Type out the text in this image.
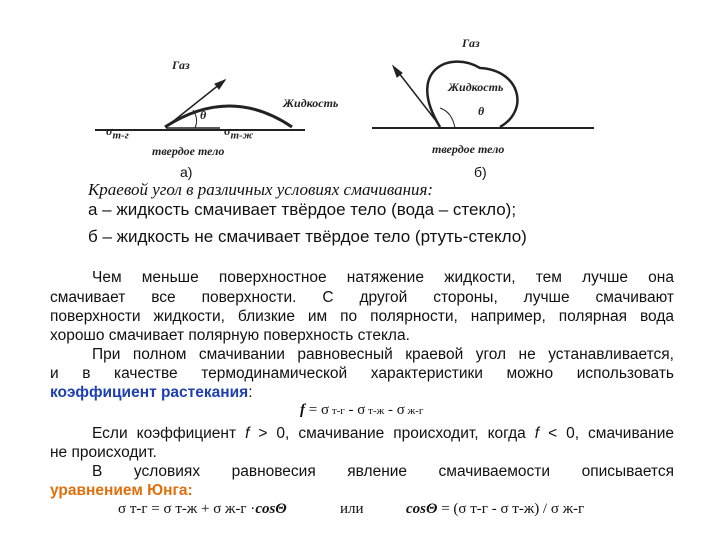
Газ
Жидкость
θ
$\sigma_{т-г}$	$\sigma_{т-ж}$
твердое тело
а)
Газ
Жидкость
θ
твердое тело
б)
Краевой угол в различных условиях смачивания:
а – жидкость смачивает твёрдое тело (вода – стекло);
б – жидкость не смачивает твёрдое тело (ртуть-стекло)
Чем меньше поверхностное натяжение жидкости, тем лучше она
смачивает все поверхности. С другой стороны, лучше смачивают
поверхности жидкости, близкие им по полярности, например, полярная вода
хорошо смачивает полярную поверхность стекла.
При полном смачивании равновесный краевой угол не устанавливается,
и в качестве термодинамической характеристики можно использовать
коэффициент растекания:
f = σ т-г - σ т-ж - σ ж-г
Если коэффициент f > 0, смачивание происходит, когда f < 0, смачивание
не происходит.
В условиях равновесия явление смачиваемости описывается
уравнением Юнга:
σ т-г = σ т-ж + σ ж-г ·cosΘ	или	cosΘ = (σ т-г - σ т-ж) / σ ж-г
